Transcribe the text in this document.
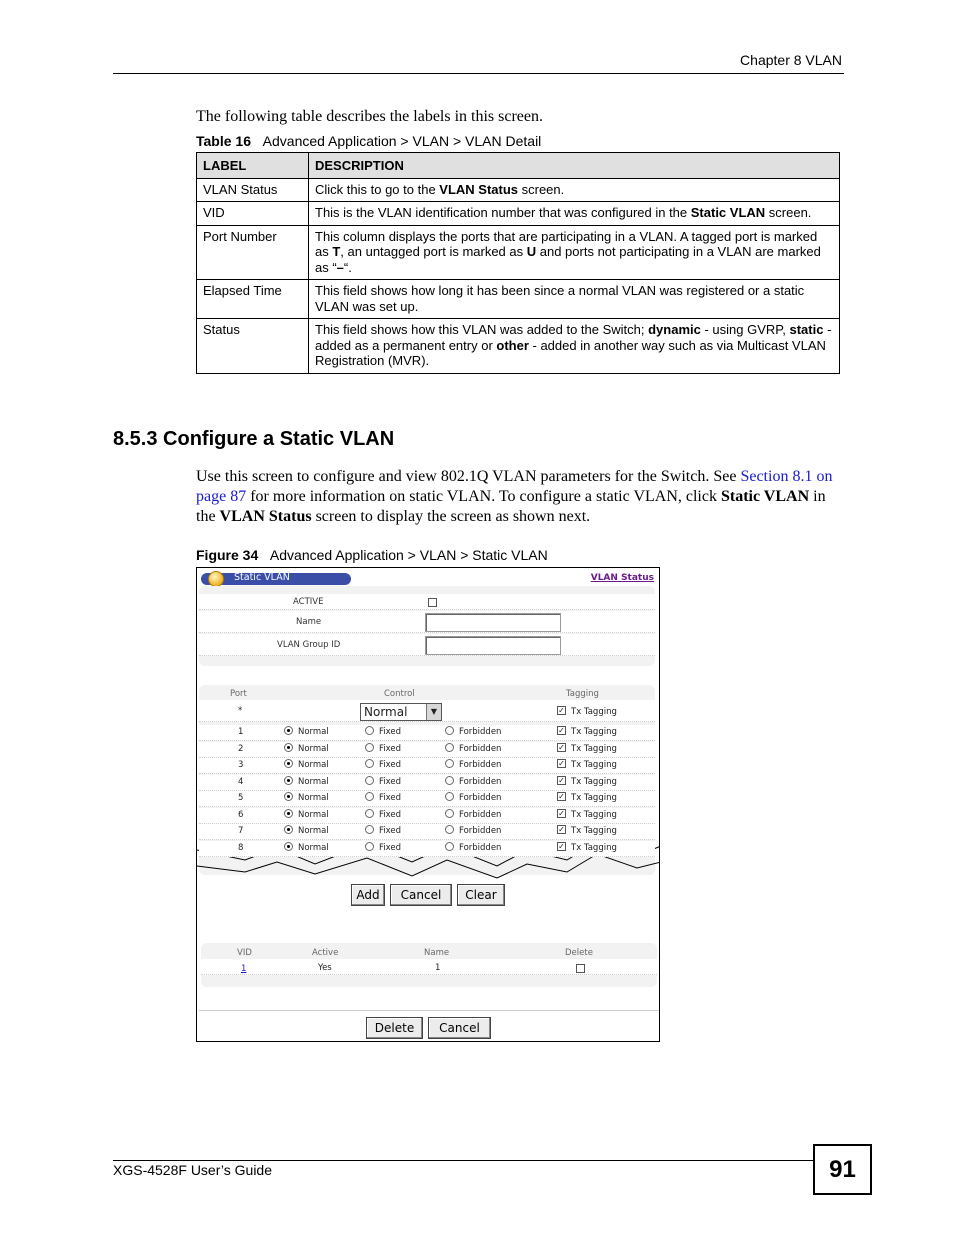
Chapter 8 VLAN
The following table describes the labels in this screen.
Table 16 Advanced Application > VLAN > VLAN Detail
LABEL	DESCRIPTION
VLAN Status	Click this to go to the VLAN Status screen.
VID	This is the VLAN identification number that was configured in the Static VLAN screen.
Port Number	This column displays the ports that are participating in a VLAN. A tagged port is marked as T, an untagged port is marked as U and ports not participating in a VLAN are marked as “–“.
Elapsed Time	This field shows how long it has been since a normal VLAN was registered or a static VLAN was set up.
Status	This field shows how this VLAN was added to the Switch; dynamic - using GVRP, static - added as a permanent entry or other - added in another way such as via Multicast VLAN Registration (MVR).
8.5.3 Configure a Static VLAN
Use this screen to configure and view 802.1Q VLAN parameters for the Switch. See Section 8.1 on page 87 for more information on static VLAN. To configure a static VLAN, click Static VLAN in the VLAN Status screen to display the screen as shown next.
Figure 34 Advanced Application > VLAN > Static VLAN
Static VLAN	VLAN Status
ACTIVE
Name
VLAN Group ID
Port	Control	Tagging
*	Normal	▼	✓ Tx Tagging
Add	Cancel	Clear
VID	Active	Name	Delete
1	Yes	1
Delete	Cancel
1	Normal	Fixed	Forbidden	✓ Tx Tagging
2	Normal	Fixed	Forbidden	✓ Tx Tagging
3	Normal	Fixed	Forbidden	✓ Tx Tagging
4	Normal	Fixed	Forbidden	✓ Tx Tagging
5	Normal	Fixed	Forbidden	✓ Tx Tagging
6	Normal	Fixed	Forbidden	✓ Tx Tagging
7	Normal	Fixed	Forbidden	✓ Tx Tagging
8	Normal	Fixed	Forbidden	✓ Tx Tagging
XGS-4528F User’s Guide	91
